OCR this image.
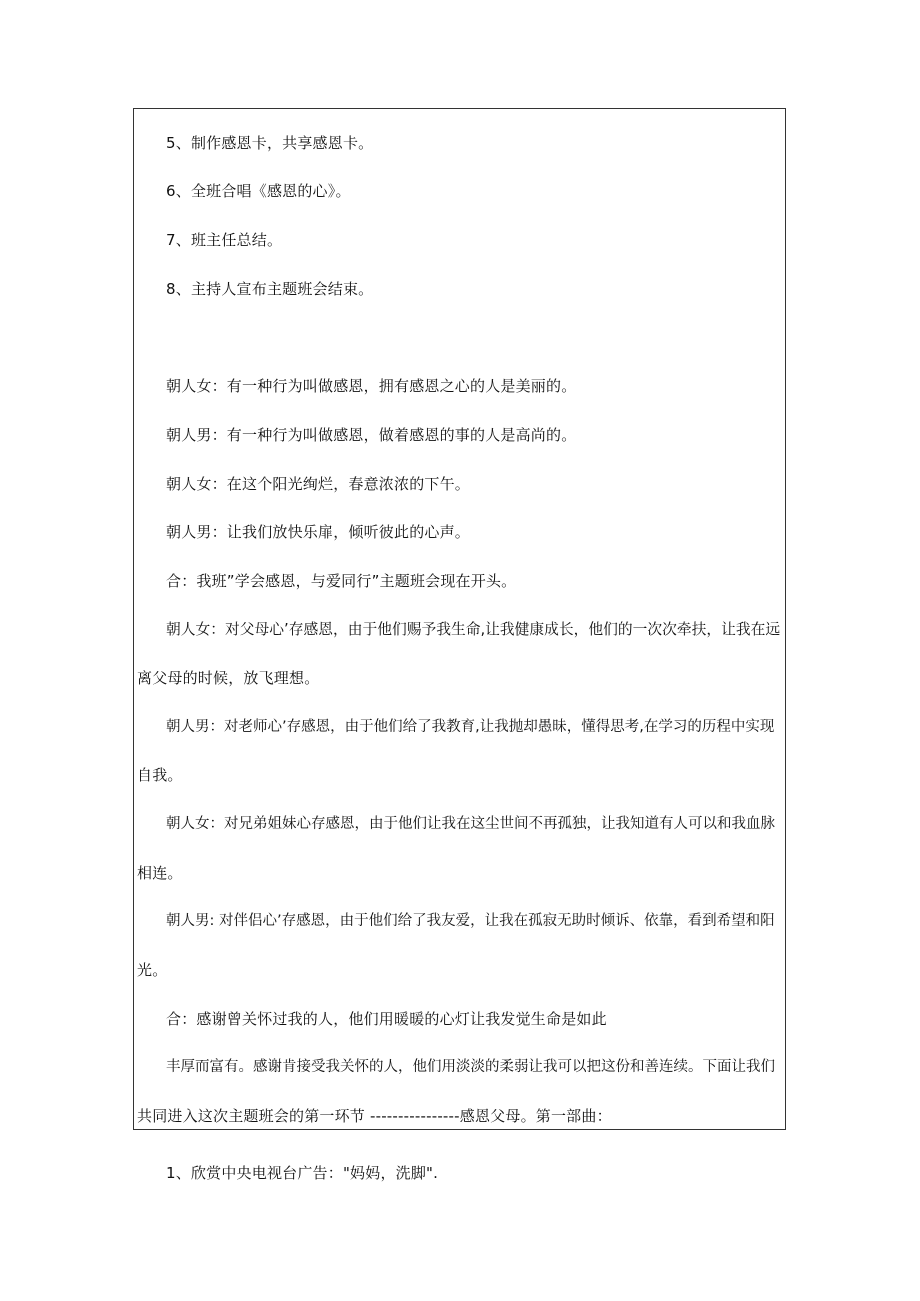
5、制作感恩卡，共享感恩卡。
6、全班合唱《感恩的心》。
7、班主任总结。
8、主持人宣布主题班会结束。
朝人女：有一种行为叫做感恩，拥有感恩之心的人是美丽的。
朝人男：有一种行为叫做感恩，做着感恩的事的人是高尚的。
朝人女：在这个阳光绚烂，春意浓浓的下午。
朝人男：让我们放快乐扉，倾听彼此的心声。
合：我班”学会感恩，与爱同行”主题班会现在开头。
朝人女：对父母心’存感恩，由于他们赐予我生命,让我健康成长，他们的一次次牵扶，让我在远
离父母的时候，放飞理想。
朝人男：对老师心’存感恩，由于他们给了我教育,让我抛却愚昧，懂得思考,在学习的历程中实现
自我。
朝人女：对兄弟姐妹心存感恩，由于他们让我在这尘世间不再孤独，让我知道有人可以和我血脉
相连。
朝人男: 对伴侣心’存感恩，由于他们给了我友爱，让我在孤寂无助时倾诉、依靠，看到希望和阳
光。
合：感谢曾关怀过我的人，他们用暖暖的心灯让我发觉生命是如此
丰厚而富有。感谢肯接受我关怀的人，他们用淡淡的柔弱让我可以把这份和善连续。下面让我们
共同进入这次主题班会的第一环节 ----------------感恩父母。第一部曲：
1、欣赏中央电视台广告："妈妈，洗脚".
